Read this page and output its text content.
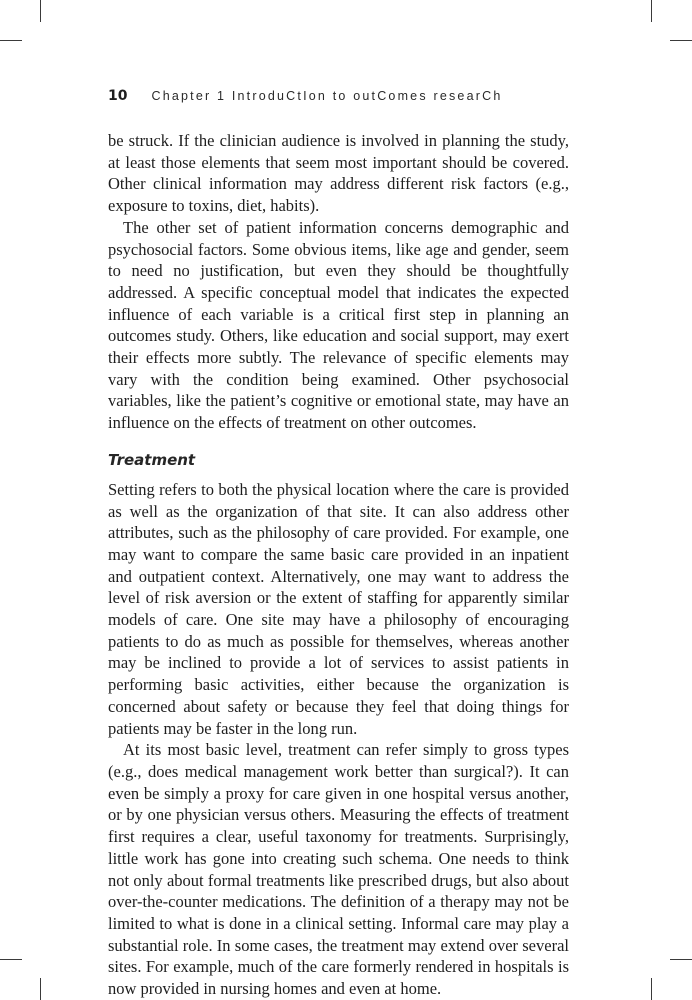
10 Chapter 1 IntroduCtIon to outComes researCh

be struck. If the clinician audience is involved in planning the study, at least those elements that seem most important should be covered. Other clinical information may address different risk factors (e.g., exposure to toxins, diet, habits).

The other set of patient information concerns demographic and psychosocial factors. Some obvious items, like age and gender, seem to need no justification, but even they should be thoughtfully addressed. A specific conceptual model that indicates the expected influence of each variable is a critical first step in planning an outcomes study. Others, like education and social support, may exert their effects more subtly. The relevance of specific elements may vary with the condition being examined. Other psychosocial variables, like the patient’s cognitive or emotional state, may have an influence on the effects of treatment on other outcomes.

Treatment

Setting refers to both the physical location where the care is provided as well as the organization of that site. It can also address other attributes, such as the philosophy of care provided. For example, one may want to compare the same basic care provided in an inpatient and outpatient context. Alternatively, one may want to address the level of risk aversion or the extent of staffing for apparently similar models of care. One site may have a philosophy of encouraging patients to do as much as possible for themselves, whereas another may be inclined to provide a lot of services to assist patients in performing basic activities, either because the organization is concerned about safety or because they feel that doing things for patients may be faster in the long run.

At its most basic level, treatment can refer simply to gross types (e.g., does medical management work better than surgical?). It can even be simply a proxy for care given in one hospital versus another, or by one physician versus others. Measuring the effects of treatment first requires a clear, useful taxonomy for treatments. Surprisingly, little work has gone into creating such schema. One needs to think not only about formal treatments like prescribed drugs, but also about over-the-counter medications. The definition of a therapy may not be limited to what is done in a clinical setting. Informal care may play a substantial role. In some cases, the treatment may extend over several sites. For example, much of the care formerly rendered in hospitals is now provided in nursing homes and even at home.
